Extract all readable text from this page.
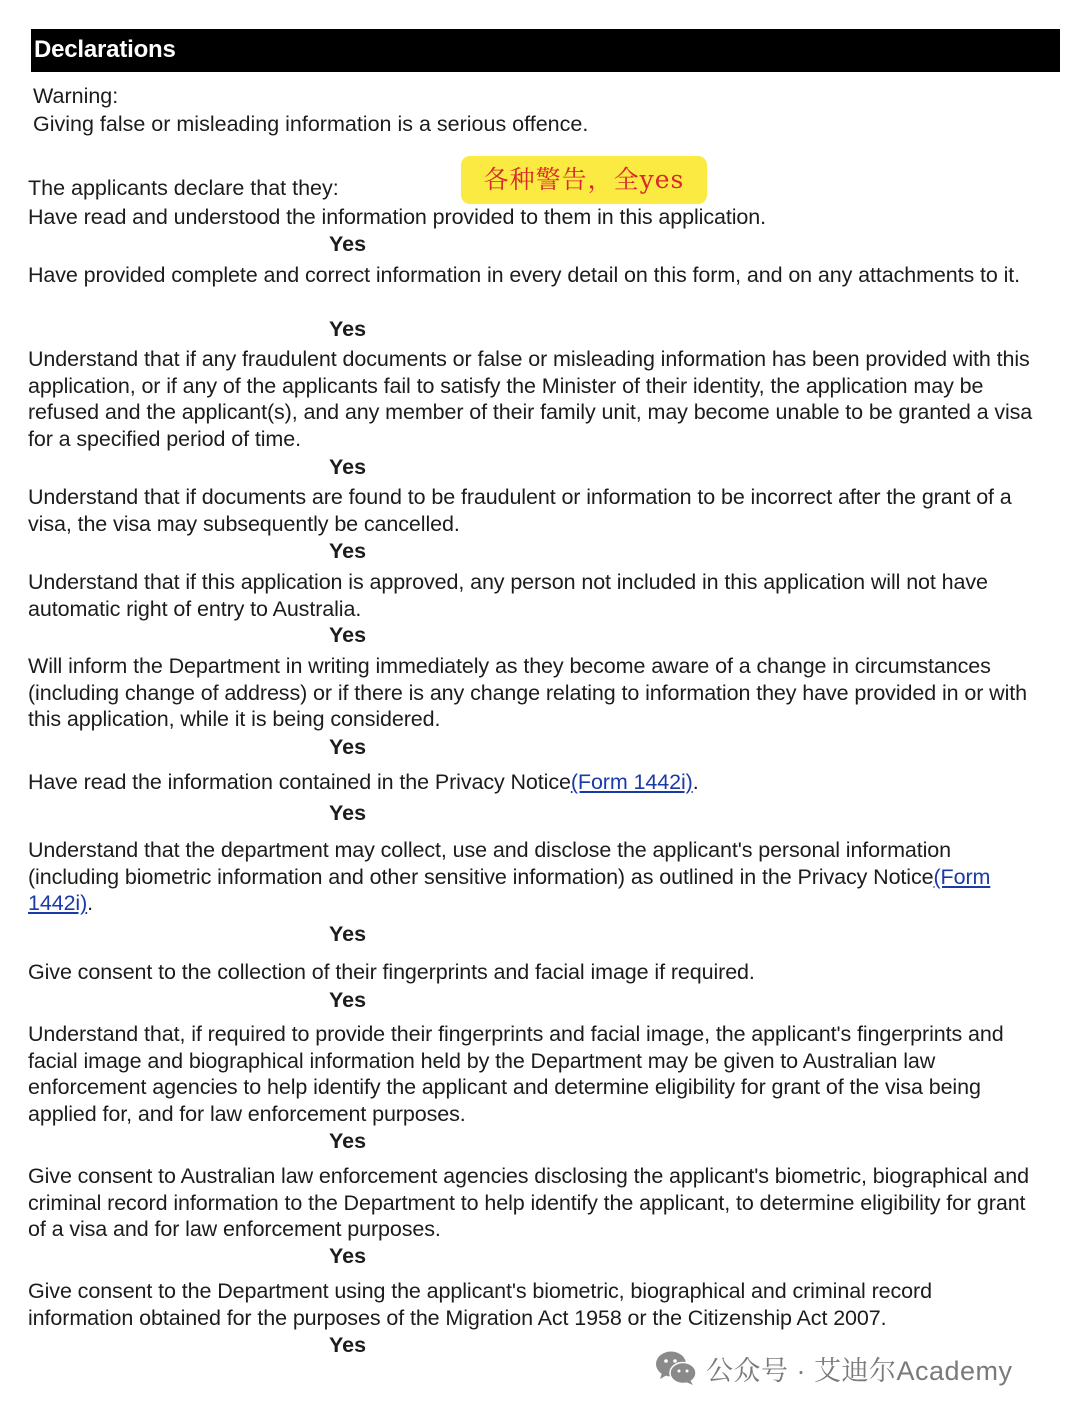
Declarations
Warning:
Giving false or misleading information is a serious offence.
The applicants declare that they:	各种警告，全yes
Have read and understood the information provided to them in this application.
Yes
Have provided complete and correct information in every detail on this form, and on any attachments to it.
Yes
Understand that if any fraudulent documents or false or misleading information has been provided with this application, or if any of the applicants fail to satisfy the Minister of their identity, the application may be refused and the applicant(s), and any member of their family unit, may become unable to be granted a visa for a specified period of time.
Yes
Understand that if documents are found to be fraudulent or information to be incorrect after the grant of a visa, the visa may subsequently be cancelled.
Yes
Understand that if this application is approved, any person not included in this application will not have automatic right of entry to Australia.
Yes
Will inform the Department in writing immediately as they become aware of a change in circumstances (including change of address) or if there is any change relating to information they have provided in or with this application, while it is being considered.
Yes
Have read the information contained in the Privacy Notice(Form 1442i).
Yes
Understand that the department may collect, use and disclose the applicant's personal information (including biometric information and other sensitive information) as outlined in the Privacy Notice(Form 1442i).
Yes
Give consent to the collection of their fingerprints and facial image if required.
Yes
Understand that, if required to provide their fingerprints and facial image, the applicant's fingerprints and facial image and biographical information held by the Department may be given to Australian law enforcement agencies to help identify the applicant and determine eligibility for grant of the visa being applied for, and for law enforcement purposes.
Yes
Give consent to Australian law enforcement agencies disclosing the applicant's biometric, biographical and criminal record information to the Department to help identify the applicant, to determine eligibility for grant of a visa and for law enforcement purposes.
Yes
Give consent to the Department using the applicant's biometric, biographical and criminal record information obtained for the purposes of the Migration Act 1958 or the Citizenship Act 2007.
Yes
公众号 · 艾迪尔Academy
